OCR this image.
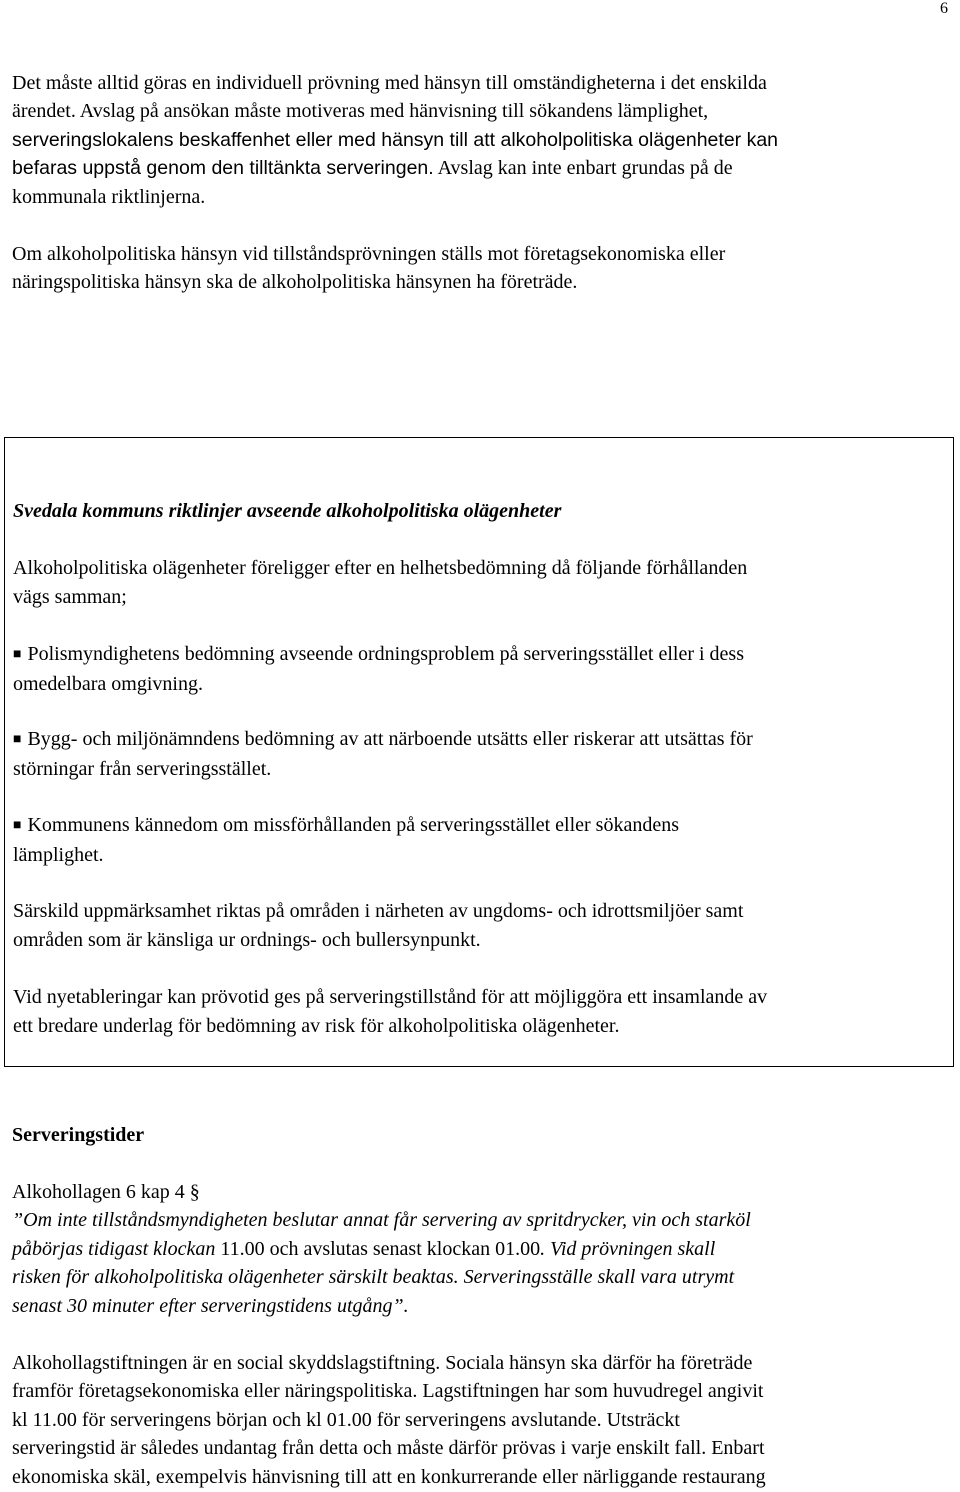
6
Det måste alltid göras en individuell prövning med hänsyn till omständigheterna i det enskilda
ärendet. Avslag på ansökan måste motiveras med hänvisning till sökandens lämplighet,
serveringslokalens beskaffenhet eller med hänsyn till att alkoholpolitiska olägenheter kan
befaras uppstå genom den tilltänkta serveringen. Avslag kan inte enbart grundas på de
kommunala riktlinjerna.
Om alkoholpolitiska hänsyn vid tillståndsprövningen ställs mot företagsekonomiska eller
näringspolitiska hänsyn ska de alkoholpolitiska hänsynen ha företräde.
Svedala kommuns riktlinjer avseende alkoholpolitiska olägenheter
Alkoholpolitiska olägenheter föreligger efter en helhetsbedömning då följande förhållanden
vägs samman;
■ Polismyndighetens bedömning avseende ordningsproblem på serveringsstället eller i dess
omedelbara omgivning.
■ Bygg- och miljönämndens bedömning av att närboende utsätts eller riskerar att utsättas för
störningar från serveringsstället.
■ Kommunens kännedom om missförhållanden på serveringsstället eller sökandens
lämplighet.
Särskild uppmärksamhet riktas på områden i närheten av ungdoms- och idrottsmiljöer samt
områden som är känsliga ur ordnings- och bullersynpunkt.
Vid nyetableringar kan prövotid ges på serveringstillstånd för att möjliggöra ett insamlande av
ett bredare underlag för bedömning av risk för alkoholpolitiska olägenheter.
Serveringstider
Alkohollagen 6 kap 4 §
”Om inte tillståndsmyndigheten beslutar annat får servering av spritdrycker, vin och starköl
påbörjas tidigast klockan 11.00 och avslutas senast klockan 01.00. Vid prövningen skall
risken för alkoholpolitiska olägenheter särskilt beaktas. Serveringsställe skall vara utrymt
senast 30 minuter efter serveringstidens utgång”.
Alkohollagstiftningen är en social skyddslagstiftning. Sociala hänsyn ska därför ha företräde
framför företagsekonomiska eller näringspolitiska. Lagstiftningen har som huvudregel angivit
kl 11.00 för serveringens början och kl 01.00 för serveringens avslutande. Utsträckt
serveringstid är således undantag från detta och måste därför prövas i varje enskilt fall. Enbart
ekonomiska skäl, exempelvis hänvisning till att en konkurrerande eller närliggande restaurang
